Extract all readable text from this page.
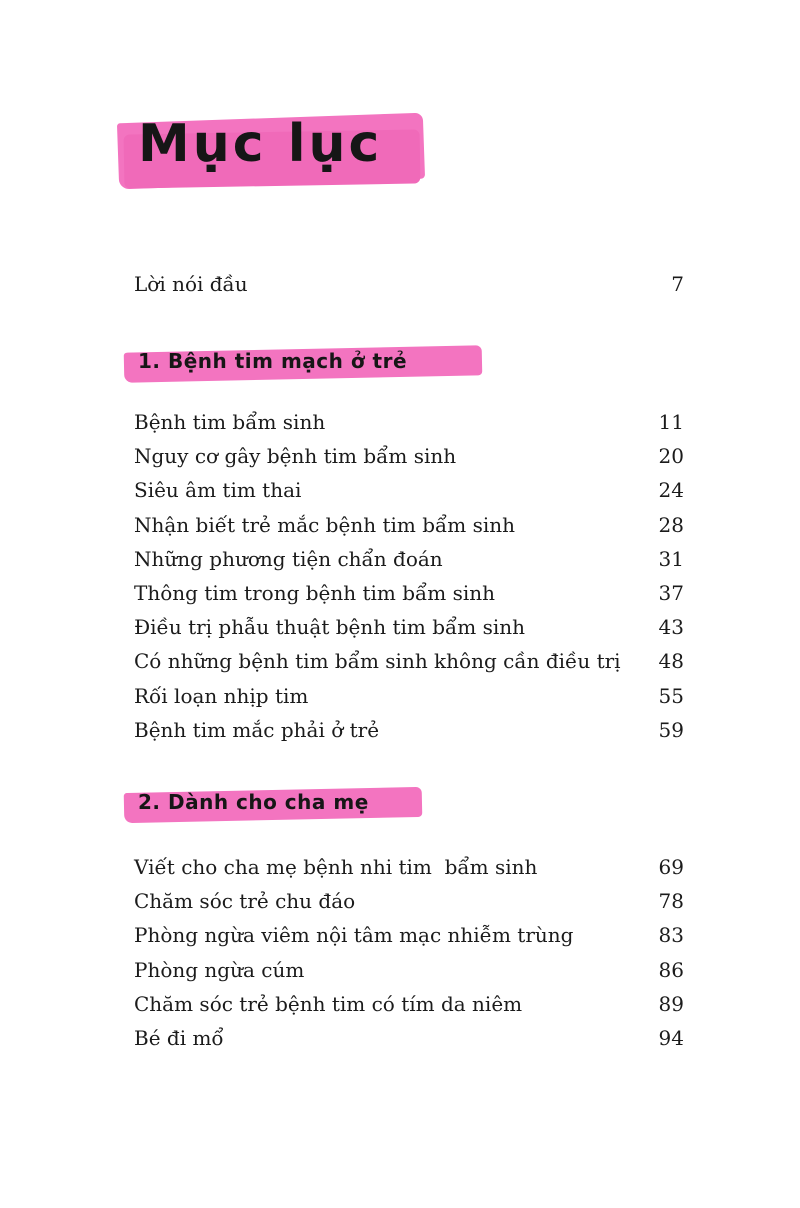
Mục lục
Lời nói đầu	7
1. Bệnh tim mạch ở trẻ
Bệnh tim bẩm sinh	11
Nguy cơ gây bệnh tim bẩm sinh	20
Siêu âm tim thai	24
Nhận biết trẻ mắc bệnh tim bẩm sinh	28
Những phương tiện chẩn đoán	31
Thông tim trong bệnh tim bẩm sinh	37
Điều trị phẫu thuật bệnh tim bẩm sinh	43
Có những bệnh tim bẩm sinh không cần điều trị 48
Rối loạn nhịp tim	55
Bệnh tim mắc phải ở trẻ	59
2. Dành cho cha mẹ
Viết cho cha mẹ bệnh nhi tim  bẩm sinh	69
Chăm sóc trẻ chu đáo	78
Phòng ngừa viêm nội tâm mạc nhiễm trùng	83
Phòng ngừa cúm	86
Chăm sóc trẻ bệnh tim có tím da niêm	89
Bé đi mổ	94
